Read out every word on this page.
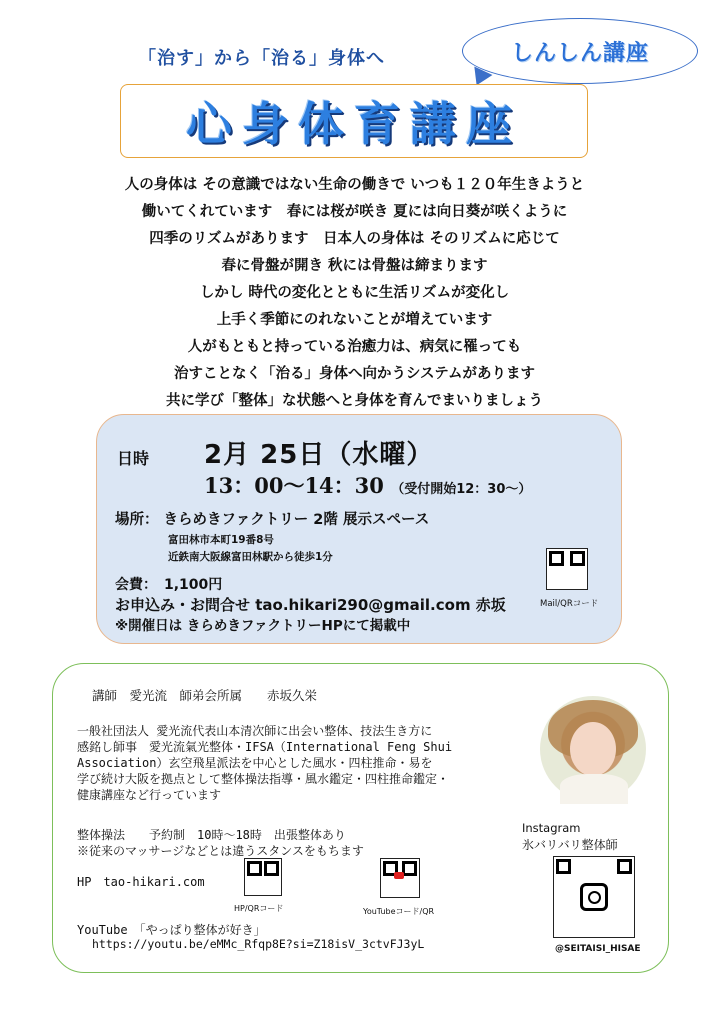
「治す」から「治る」身体へ	しんしん講座
心身体育講座
人の身体は その意識ではない生命の働きで いつも１２０年生きようと
働いてくれています　春には桜が咲き 夏には向日葵が咲くように
四季のリズムがあります　日本人の身体は そのリズムに応じて
春に骨盤が開き 秋には骨盤は締まります
しかし 時代の変化とともに生活リズムが変化し
上手く季節にのれないことが増えています
人がもともと持っている治癒力は、病気に罹っても
治すことなく「治る」身体へ向かうシステムがあります
共に学び「整体」な状態へと身体を育んでまいりましょう
日時 2月 25日（水曜）
13：00〜14：30 （受付開始12：30〜）
場所： きらめきファクトリー 2階 展示スペース
富田林市本町19番8号
近鉄南大阪線富田林駅から徒歩1分
会費：　1,100円
お申込み・お問合せ tao.hikari290@gmail.com 赤坂
※開催日は きらめきファクトリーHPにて掲載中
Mail/QRコード
講師　愛光流　師弟会所属　　赤坂久栄
一般社団法人 愛光流代表山本清次師に出会い整体、技法生き方に
感銘し師事　愛光流氣光整体・IFSA（International Feng Shui
Association）玄空飛星派法を中心とした風水・四柱推命・易を
学び続け大阪を拠点として整体操法指導・風水鑑定・四柱推命鑑定・
健康講座など行っています
整体操法　　予約制　10時〜18時　出張整体あり
※従来のマッサージなどとは違うスタンスをもちます
HP　tao-hikari.com
HP/QRコード	YouTubeコード/QR
YouTube　「やっぱり整体が好き」
https://youtu.be/eMMc_Rfqp8E?si=Z18isV_3ctvFJ3yL
Instagram
氷バリバリ整体師
@SEITAISI_HISAE
